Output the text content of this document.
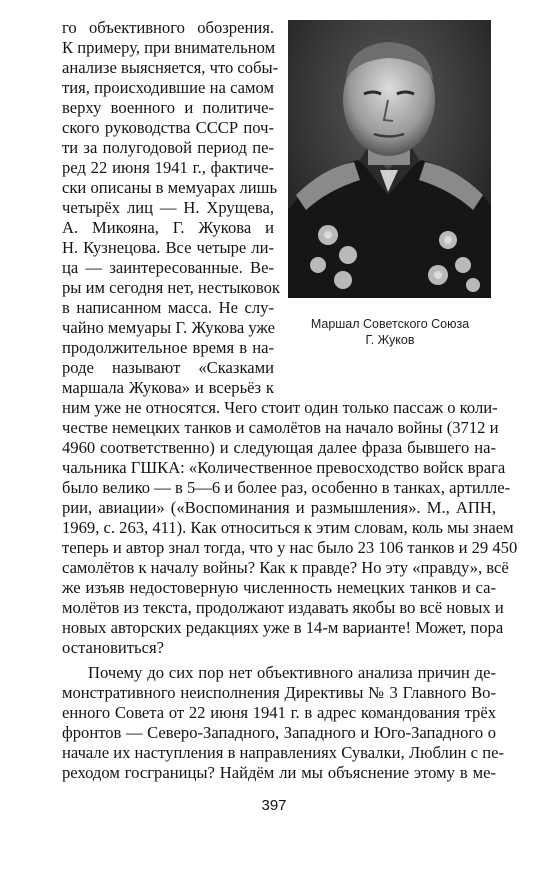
Маршал Советского Союза
Г. Жуков
го объективного обозрения.
К примеру, при внимательном
анализе выясняется, что собы-
тия, происходившие на самом
верху военного и политиче-
ского руководства СССР поч-
ти за полугодовой период пе-
ред 22 июня 1941 г., фактиче-
ски описаны в мемуарах лишь
четырёх лиц — Н. Хрущева,
А. Микояна, Г. Жукова и
Н. Кузнецова. Все четыре ли-
ца — заинтересованные. Ве-
ры им сегодня нет, нестыковок
в написанном масса. Не слу-
чайно мемуары Г. Жукова уже
продолжительное время в на-
роде называют «Сказками
маршала Жукова» и всерьёз к
ним уже не относятся. Чего стоит один только пассаж о коли-
честве немецких танков и самолётов на начало войны (3712 и
4960 соответственно) и следующая далее фраза бывшего на-
чальника ГШКА: «Количественное превосходство войск врага
было велико — в 5—6 и более раз, особенно в танках, артилле-
рии, авиации» («Воспоминания и размышления». М., АПН,
1969, с. 263, 411). Как относиться к этим словам, коль мы знаем
теперь и автор знал тогда, что у нас было 23 106 танков и 29 450
самолётов к началу войны? Как к правде? Но эту «правду», всё
же изъяв недостоверную численность немецких танков и са-
молётов из текста, продолжают издавать якобы во всё новых и
новых авторских редакциях уже в 14-м варианте! Может, пора
остановиться?
Почему до сих пор нет объективного анализа причин де-
монстративного неисполнения Директивы № 3 Главного Во-
енного Совета от 22 июня 1941 г. в адрес командования трёх
фронтов — Северо-Западного, Западного и Юго-Западного о
начале их наступления в направлениях Сувалки, Люблин с пе-
реходом госграницы? Найдём ли мы объяснение этому в ме-
397
